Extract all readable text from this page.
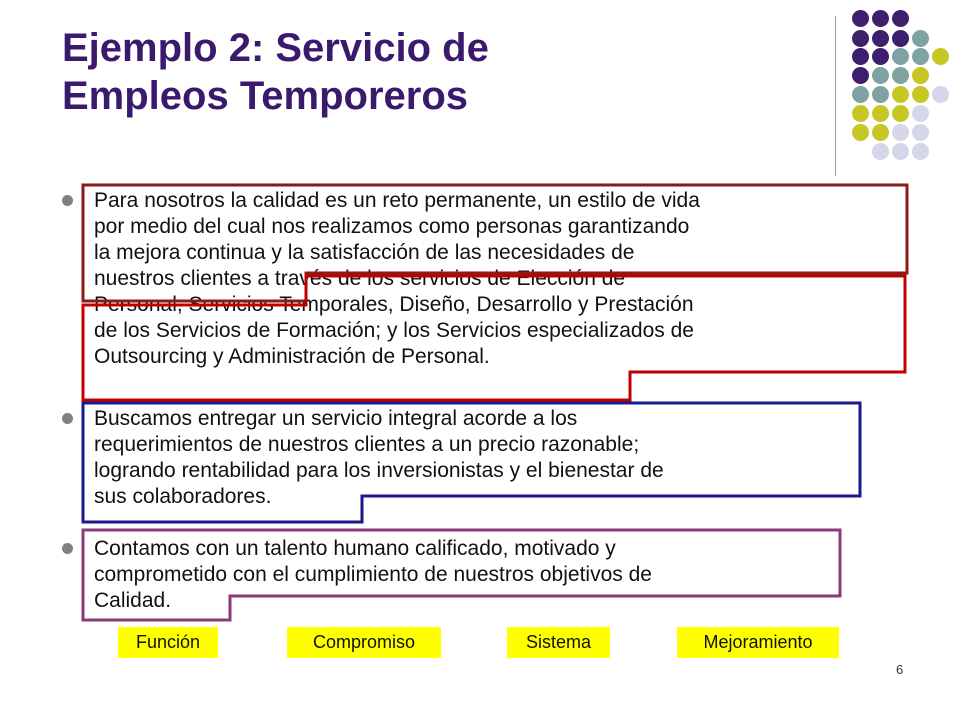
Ejemplo 2: Servicio de
Empleos Temporeros
Para nosotros la calidad es un reto permanente, un estilo de vida
por medio del cual nos realizamos como personas garantizando
la mejora continua y la satisfacción de las necesidades de
nuestros clientes a través de los servicios de Elección de
Personal, Servicios Temporales, Diseño, Desarrollo y Prestación
de los Servicios de Formación; y los Servicios especializados de
Outsourcing y Administración de Personal.
Buscamos entregar un servicio integral acorde a los
requerimientos de nuestros clientes a un precio razonable;
logrando rentabilidad para los inversionistas y el bienestar de
sus colaboradores.
Contamos con un talento humano calificado, motivado y
comprometido con el cumplimiento de nuestros objetivos de
Calidad.
Función	Compromiso	Sistema	Mejoramiento
6
